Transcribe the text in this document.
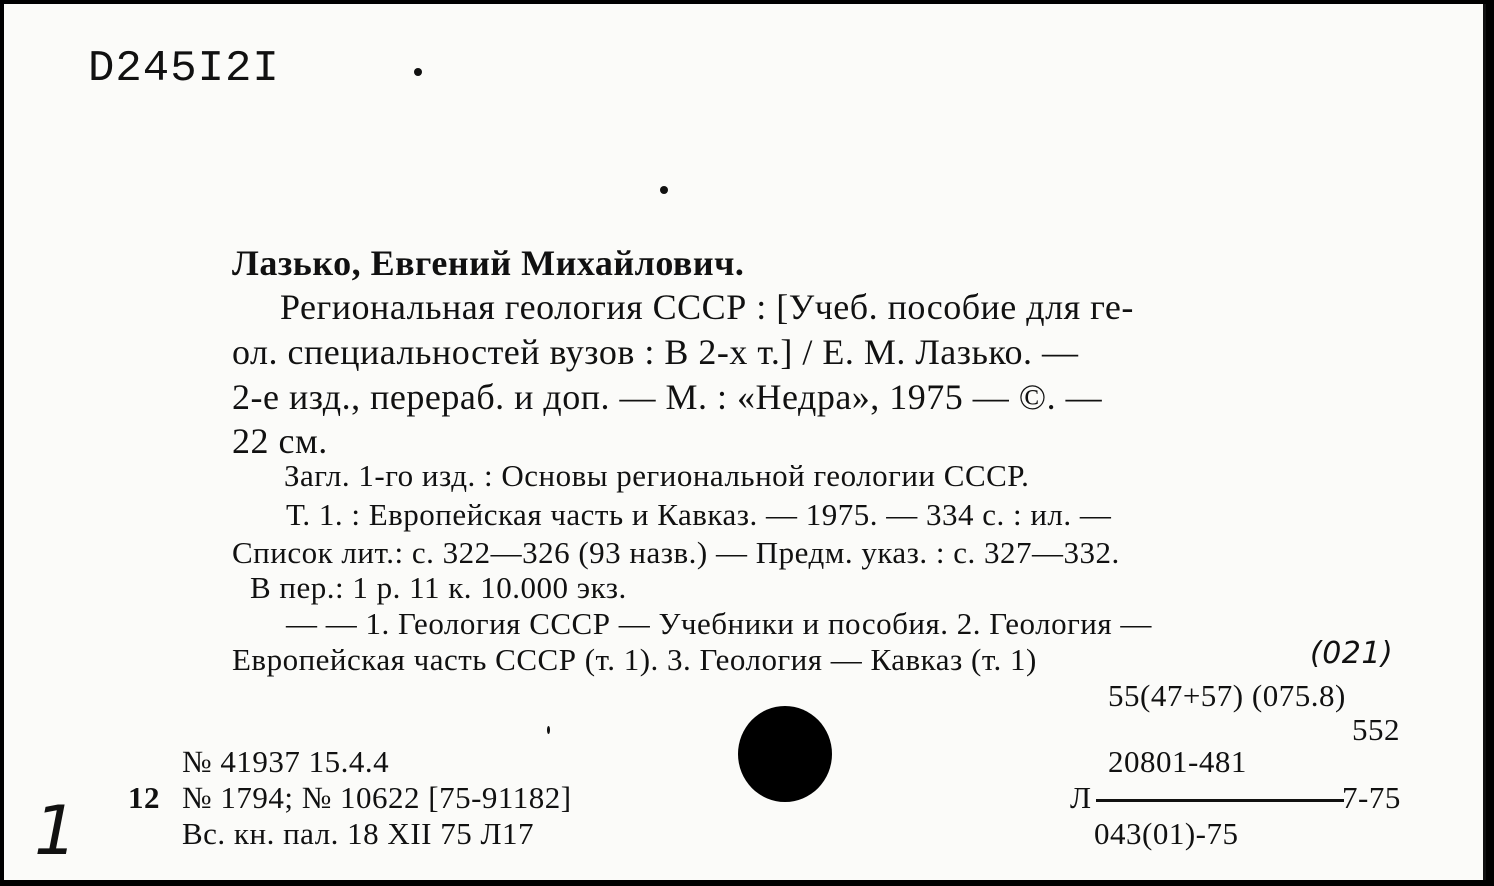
D245I2I
Лазько, Евгений Михайлович.
Региональная геология СССР : [Учеб. пособие для ге-
ол. специальностей вузов : В 2-х т.] / Е. М. Лазько. —
2-е изд., перераб. и доп. — М. : «Недра», 1975 — ©. —
22 см.
Загл. 1-го изд. : Основы региональной геологии СССР.
Т. 1. : Европейская часть и Кавказ. — 1975. — 334 с. : ил. —
Список лит.: с. 322—326 (93 назв.) — Предм. указ. : с. 327—332.
В пер.: 1 р. 11 к. 10.000 экз.
— — 1. Геология СССР — Учебники и пособия. 2. Геология —
Европейская часть СССР (т. 1). 3. Геология — Кавказ (т. 1)	(021)
55(47+57) (075.8)
552
№ 41937 15.4.4
12 № 1794; № 10622 [75-91182]
Вс. кн. пал. 18 XII 75 Л17
20801-481
Л	7-75
043(01)-75
1
